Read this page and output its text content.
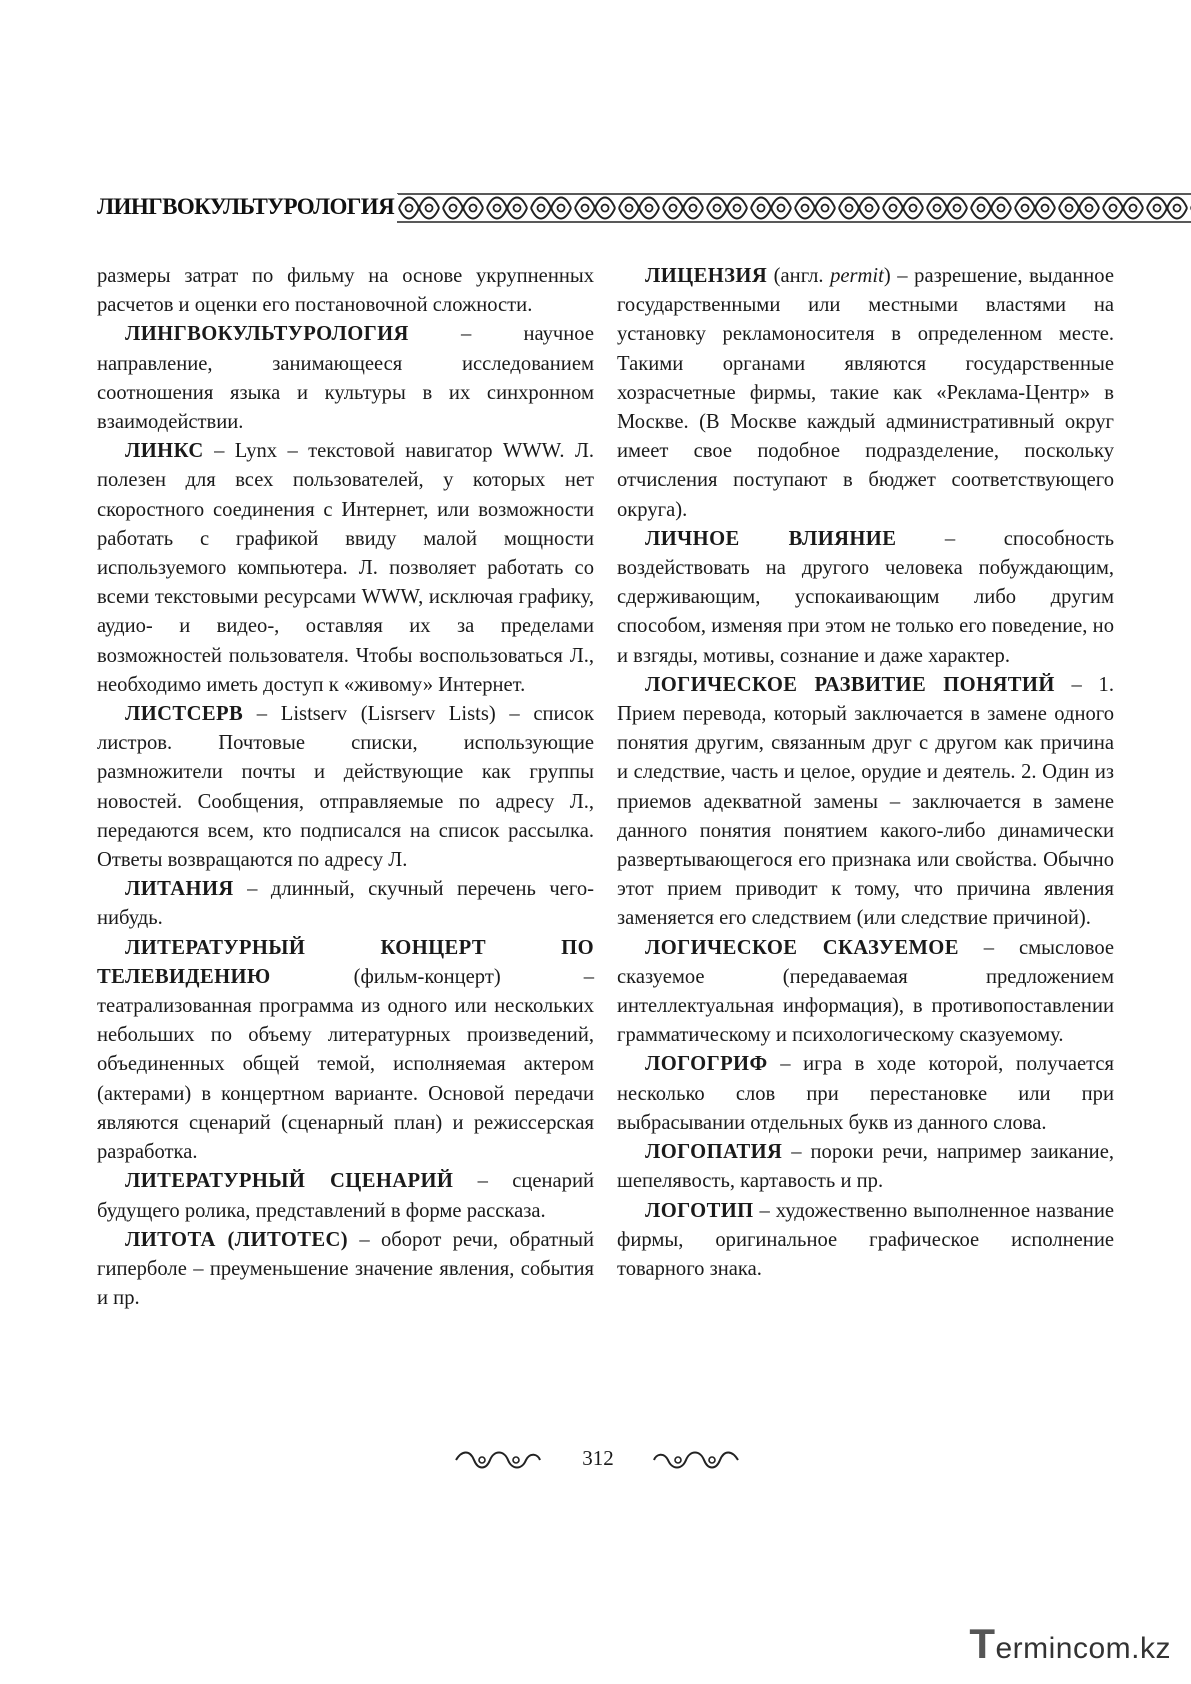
ЛИНГВОКУЛЬТУРОЛОГИЯ

размеры затрат по фильму на основе укрупненных расчетов и оценки его постановочной сложности.

ЛИНГВОКУЛЬТУРОЛОГИЯ – научное направление, занимающееся исследованием соотношения языка и культуры в их синхронном взаимодействии.

ЛИНКС – Lynx – текстовой навигатор WWW. Л. полезен для всех пользователей, у которых нет скоростного соединения с Интернет, или возможности работать с графикой ввиду малой мощности используемого компьютера. Л. позволяет работать со всеми текстовыми ресурсами WWW, исключая графику, аудио- и видео-, оставляя их за пределами возможностей пользователя. Чтобы воспользоваться Л., необходимо иметь доступ к «живому» Интернет.

ЛИСТСЕРВ – Listserv (Lisrserv Lists) – список листров. Почтовые списки, использующие размножители почты и действующие как группы новостей. Сообщения, отправляемые по адресу Л., передаются всем, кто подписался на список рассылка. Ответы возвращаются по адресу Л.

ЛИТАНИЯ – длинный, скучный перечень чего-нибудь.

ЛИТЕРАТУРНЫЙ КОНЦЕРТ ПО ТЕЛЕВИДЕНИЮ (фильм-концерт) – театрализованная программа из одного или нескольких небольших по объему литературных произведений, объединенных общей темой, исполняемая актером (актерами) в концертном варианте. Основой передачи являются сценарий (сценарный план) и режиссерская разработка.

ЛИТЕРАТУРНЫЙ СЦЕНАРИЙ – сценарий будущего ролика, представлений в форме рассказа.

ЛИТОТА (ЛИТОТЕС) – оборот речи, обратный гиперболе – преуменьшение значение явления, события и пр.

ЛИЦЕНЗИЯ (англ. permit) – разрешение, выданное государственными или местными властями на установку рекламоносителя в определенном месте. Такими органами являются государственные хозрасчетные фирмы, такие как «Реклама-Центр» в Москве. (В Москве каждый административный округ имеет свое подобное подразделение, поскольку отчисления поступают в бюджет соответствующего округа).

ЛИЧНОЕ ВЛИЯНИЕ – способность воздействовать на другого человека побуждающим, сдерживающим, успокаивающим либо другим способом, изменяя при этом не только его поведение, но и взгяды, мотивы, сознание и даже характер.

ЛОГИЧЕСКОЕ РАЗВИТИЕ ПОНЯТИЙ – 1. Прием перевода, который заключается в замене одного понятия другим, связанным друг с другом как причина и следствие, часть и целое, орудие и деятель. 2. Один из приемов адекватной замены – заключается в замене данного понятия понятием какого-либо динамически развертывающегося его признака или свойства. Обычно этот прием приводит к тому, что причина явления заменяется его следствием (или следствие причиной).

ЛОГИЧЕСКОЕ СКАЗУЕМОЕ – смысловое сказуемое (передаваемая предложением интеллектуальная информация), в противопоставлении грамматическому и психологическому сказуемому.

ЛОГОГРИФ – игра в ходе которой, получается несколько слов при перестановке или при выбрасывании отдельных букв из данного слова.

ЛОГОПАТИЯ – пороки речи, например заикание, шепелявость, картавость и пр.

ЛОГОТИП – художественно выполненное название фирмы, оригинальное графическое исполнение товарного знака.

312
Termincom.kz
